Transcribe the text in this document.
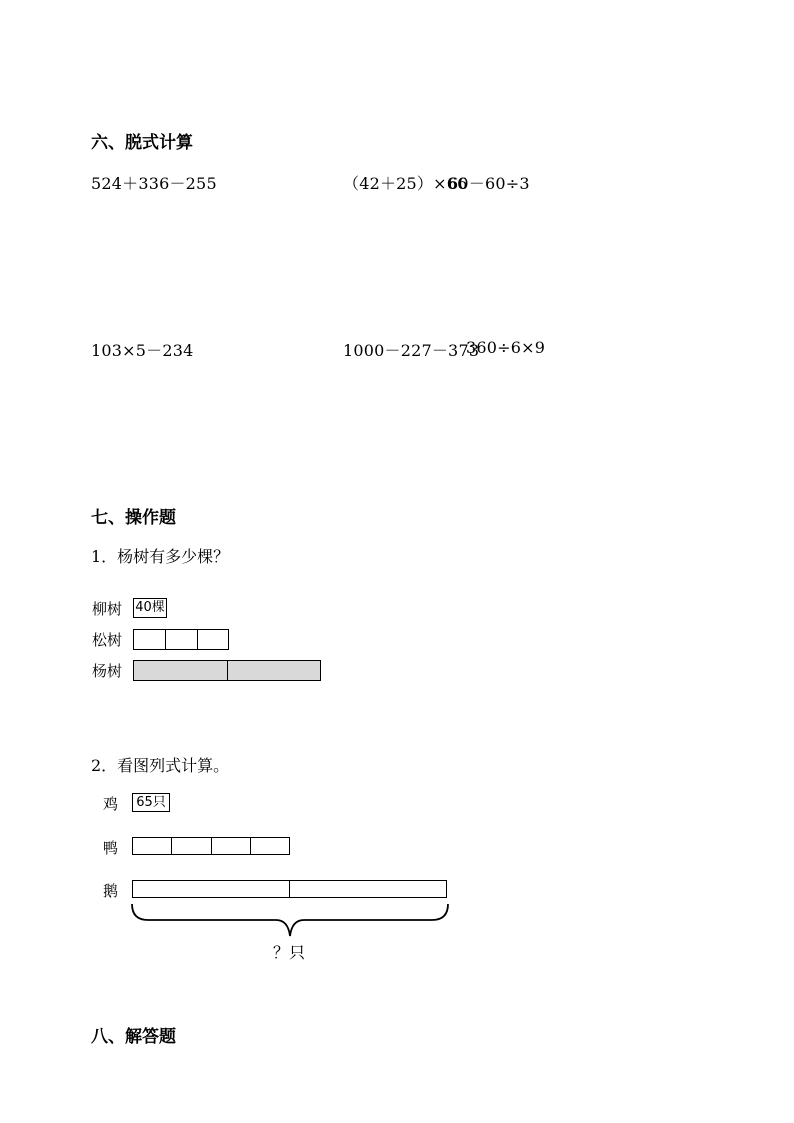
六、脱式计算
524＋336－255	（42＋25）×66
60－60÷3
103×5－234	1000－227－373
360÷6×9
七、操作题
1．杨树有多少棵？
柳树 40棵
松树
杨树
2．看图列式计算。
鸡	65只
鸭
鹅
？只
八、解答题
